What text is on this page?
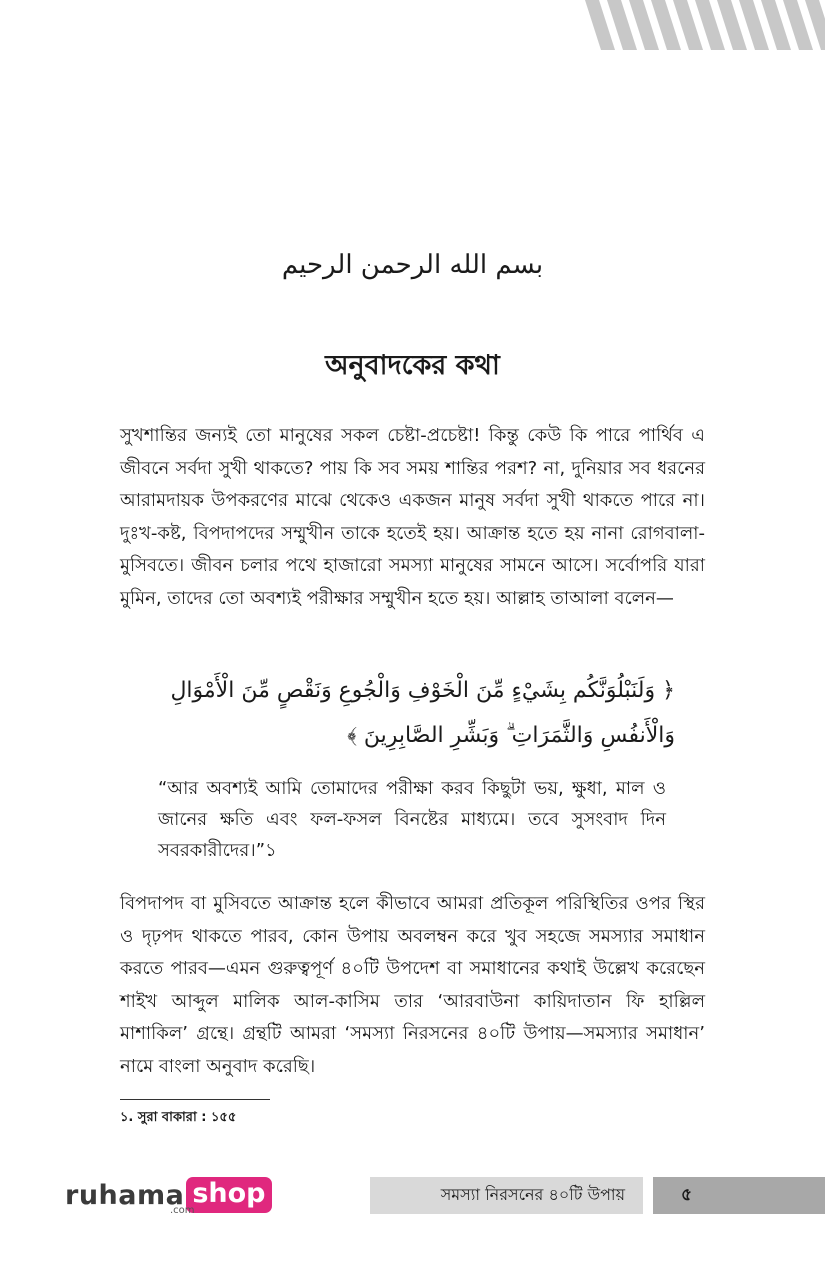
بسم الله الرحمن الرحيم
অনুবাদকের কথা

সুখশান্তির জন্যই তো মানুষের সকল চেষ্টা-প্রচেষ্টা! কিন্তু কেউ কি পারে পার্থিব এ জীবনে সর্বদা সুখী থাকতে? পায় কি সব সময় শান্তির পরশ? না, দুনিয়ার সব ধরনের আরামদায়ক উপকরণের মাঝে থেকেও একজন মানুষ সর্বদা সুখী থাকতে পারে না। দুঃখ-কষ্ট, বিপদাপদের সম্মুখীন তাকে হতেই হয়। আক্রান্ত হতে হয় নানা রোগবালা-মুসিবতে। জীবন চলার পথে হাজারো সমস্যা মানুষের সামনে আসে। সর্বোপরি যারা মুমিন, তাদের তো অবশ্যই পরীক্ষার সম্মুখীন হতে হয়। আল্লাহ তাআলা বলেন—

﴿ وَلَنَبْلُوَنَّكُم بِشَيْءٍ مِّنَ الْخَوْفِ وَالْجُوعِ وَنَقْصٍ مِّنَ الْأَمْوَالِ
وَالْأَنفُسِ وَالثَّمَرَاتِ ۗ وَبَشِّرِ الصَّابِرِينَ ﴾

“আর অবশ্যই আমি তোমাদের পরীক্ষা করব কিছুটা ভয়, ক্ষুধা, মাল ও জানের ক্ষতি এবং ফল-ফসল বিনষ্টের মাধ্যমে। তবে সুসংবাদ দিন সবরকারীদের।”১

বিপদাপদ বা মুসিবতে আক্রান্ত হলে কীভাবে আমরা প্রতিকূল পরিস্থিতির ওপর স্থির ও দৃঢ়পদ থাকতে পারব, কোন উপায় অবলম্বন করে খুব সহজে সমস্যার সমাধান করতে পারব—এমন গুরুত্বপূর্ণ ৪০টি উপদেশ বা সমাধানের কথাই উল্লেখ করেছেন শাইখ আব্দুল মালিক আল-কাসিম তার ‘আরবাউনা কায়িদাতান ফি হাল্লিল মাশাকিল’ গ্রন্থে। গ্রন্থটি আমরা ‘সমস্যা নিরসনের ৪০টি উপায়—সমস্যার সমাধান’ নামে বাংলা অনুবাদ করেছি।

১. সুরা বাকারা : ১৫৫
ruhama shop
.com
সমস্যা নিরসনের ৪০টি উপায়	৫
